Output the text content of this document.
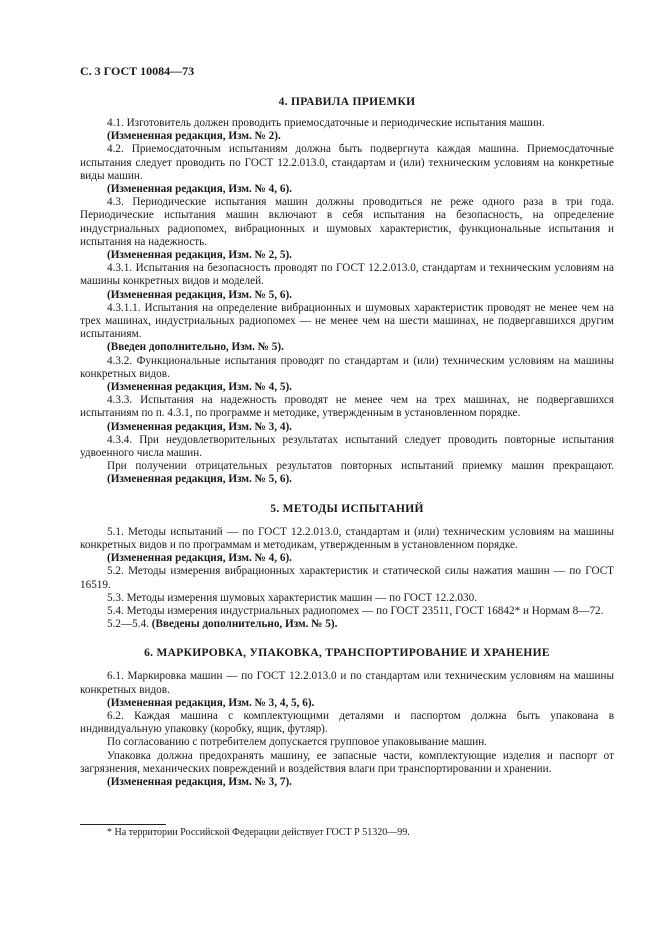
С. 3 ГОСТ 10084—73
4. ПРАВИЛА ПРИЕМКИ

4.1. Изготовитель должен проводить приемосдаточные и периодические испытания машин.

(Измененная редакция, Изм. № 2).

4.2. Приемосдаточным испытаниям должна быть подвергнута каждая машина. Приемосдаточные испытания следует проводить по ГОСТ 12.2.013.0, стандартам и (или) техническим условиям на конкретные виды машин.

(Измененная редакция, Изм. № 4, 6).

4.3. Периодические испытания машин должны проводиться не реже одного раза в три года. Периодические испытания машин включают в себя испытания на безопасность, на определение индустриальных радиопомех, вибрационных и шумовых характеристик, функциональные испытания и испытания на надежность.

(Измененная редакция, Изм. № 2, 5).

4.3.1. Испытания на безопасность проводят по ГОСТ 12.2.013.0, стандартам и техническим условиям на машины конкретных видов и моделей.

(Измененная редакция, Изм. № 5, 6).

4.3.1.1. Испытания на определение вибрационных и шумовых характеристик проводят не менее чем на трех машинах, индустриальных радиопомех — не менее чем на шести машинах, не подвергавшихся другим испытаниям.

(Введен дополнительно, Изм. № 5).

4.3.2. Функциональные испытания проводят по стандартам и (или) техническим условиям на машины конкретных видов.

(Измененная редакция, Изм. № 4, 5).

4.3.3. Испытания на надежность проводят не менее чем на трех машинах, не подвергавшихся испытаниям по п. 4.3.1, по программе и методике, утвержденным в установленном порядке.

(Измененная редакция, Изм. № 3, 4).

4.3.4. При неудовлетворительных результатах испытаний следует проводить повторные испытания удвоенного числа машин.

При получении отрицательных результатов повторных испытаний приемку машин прекращают.

(Измененная редакция, Изм. № 5, 6).

5. МЕТОДЫ ИСПЫТАНИЙ

5.1. Методы испытаний — по ГОСТ 12.2.013.0, стандартам и (или) техническим условиям на машины конкретных видов и по программам и методикам, утвержденным в установленном порядке.

(Измененная редакция, Изм. № 4, 6).

5.2. Методы измерения вибрационных характеристик и статической силы нажатия машин — по ГОСТ 16519.

5.3. Методы измерения шумовых характеристик машин — по ГОСТ 12.2.030.

5.4. Методы измерения индустриальных радиопомех — по ГОСТ 23511, ГОСТ 16842* и Нормам 8—72.

5.2—5.4. (Введены дополнительно, Изм. № 5).

6. МАРКИРОВКА, УПАКОВКА, ТРАНСПОРТИРОВАНИЕ И ХРАНЕНИЕ

6.1. Маркировка машин — по ГОСТ 12.2.013.0 и по стандартам или техническим условиям на машины конкретных видов.

(Измененная редакция, Изм. № 3, 4, 5, 6).

6.2. Каждая машина с комплектующими деталями и паспортом должна быть упакована в индивидуальную упаковку (коробку, ящик, футляр).

По согласованию с потребителем допускается групповое упаковывание машин.

Упаковка должна предохранять машину, ее запасные части, комплектующие изделия и паспорт от загрязнения, механических повреждений и воздействия влаги при транспортировании и хранении.

(Измененная редакция, Изм. № 3, 7).

* На территории Российской Федерации действует ГОСТ Р 51320—99.
